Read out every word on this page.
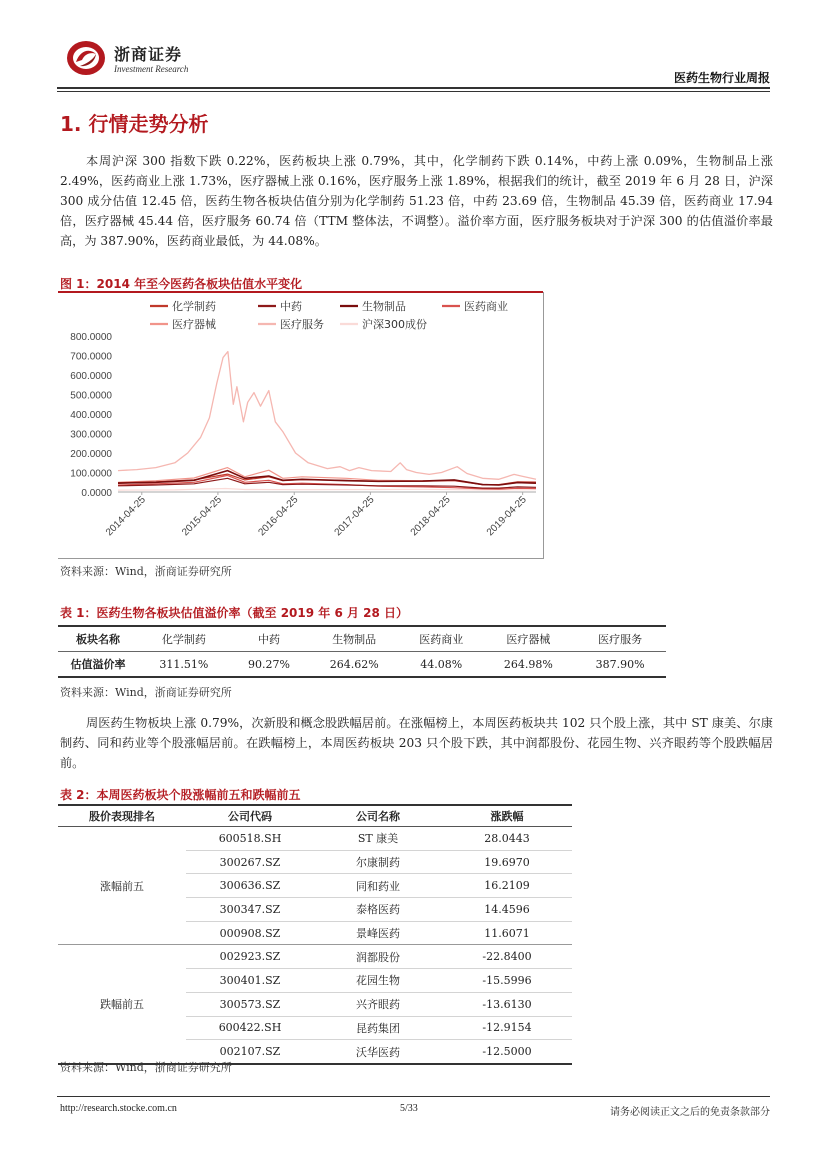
浙商证券
Investment Research
医药生物行业周报
1. 行情走势分析
本周沪深 300 指数下跌 0.22%，医药板块上涨 0.79%，其中，化学制药下跌 0.14%，中药上涨 0.09%，生物制品上涨 2.49%，医药商业上涨 1.73%，医疗器械上涨 0.16%，医疗服务上涨 1.89%，根据我们的统计，截至 2019 年 6 月 28 日，沪深 300 成分估值 12.45 倍，医药生物各板块估值分别为化学制药 51.23 倍，中药 23.69 倍，生物制品 45.39 倍，医药商业 17.94 倍，医疗器械 45.44 倍，医疗服务 60.74 倍（TTM 整体法，不调整）。溢价率方面，医疗服务板块对于沪深 300 的估值溢价率最高，为 387.90%，医药商业最低，为 44.08%。
图 1：2014 年至今医药各板块估值水平变化
800.0000
700.0000
600.0000
500.0000
400.0000
300.0000
200.0000
100.0000
0.0000
2014-04-25	2015-04-25	2016-04-25	2017-04-25	2018-04-25	2019-04-25
化学制药	中药	生物制品	医药商业
医疗器械	医疗服务	沪深300成份
资料来源：Wind，浙商证券研究所
表 1：医药生物各板块估值溢价率（截至 2019 年 6 月 28 日）
板块名称	化学制药	中药	生物制品	医药商业	医疗器械	医疗服务
估值溢价率	311.51%	90.27%	264.62%	44.08%	264.98%	387.90%
资料来源：Wind，浙商证券研究所
周医药生物板块上涨 0.79%，次新股和概念股跌幅居前。在涨幅榜上，本周医药板块共 102 只个股上涨，其中 ST 康美、尔康制药、同和药业等个股涨幅居前。在跌幅榜上，本周医药板块 203 只个股下跌，其中润都股份、花园生物、兴齐眼药等个股跌幅居前。
表 2：本周医药板块个股涨幅前五和跌幅前五
股价表现排名	公司代码	公司名称	涨跌幅
涨幅前五	600518.SH	ST 康美	28.0443
	300267.SZ	尔康制药	19.6970
	300636.SZ	同和药业	16.2109
	300347.SZ	泰格医药	14.4596
	000908.SZ	景峰医药	11.6071
跌幅前五	002923.SZ	润都股份	-22.8400
	300401.SZ	花园生物	-15.5996
	300573.SZ	兴齐眼药	-13.6130
	600422.SH	昆药集团	-12.9154
	002107.SZ	沃华医药	-12.5000
资料来源：Wind，浙商证券研究所
http://research.stocke.com.cn	5/33	请务必阅读正文之后的免责条款部分
